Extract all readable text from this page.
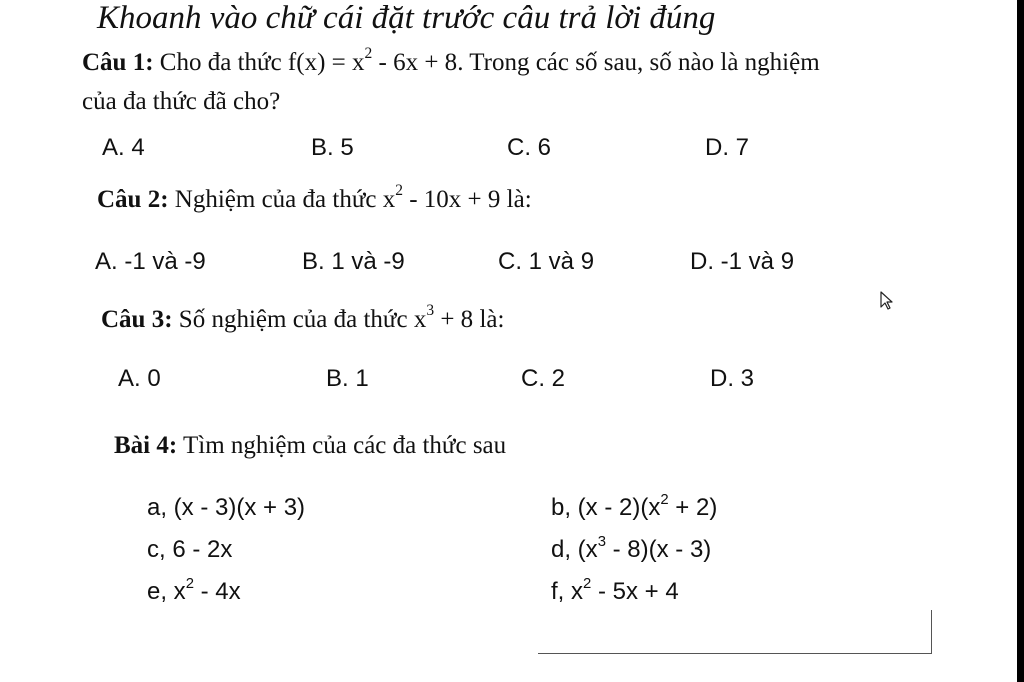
Khoanh vào chữ cái đặt trước câu trả lời đúng
Câu 1: Cho đa thức $f(x) = x^2 - 6x + 8$. Trong các số sau, số nào là nghiệm
của đa thức đã cho?
A. 4	B. 5	C. 6	D. 7
Câu 2: Nghiệm của đa thức $x^2 - 10x + 9$ là:
A. -1 và -9	B. 1 và -9	C. 1 và 9	D. -1 và 9
Câu 3: Số nghiệm của đa thức $x^3 + 8$ là:
A. 0	B. 1	C. 2	D. 3
Bài 4: Tìm nghiệm của các đa thức sau
a, (x - 3)(x + 3)	b, $(x - 2)(x^2 + 2)$
c, 6 - 2x	d, $(x^3 - 8)(x - 3)$
e, $x^2 - 4x$	f, $x^2 - 5x + 4$
